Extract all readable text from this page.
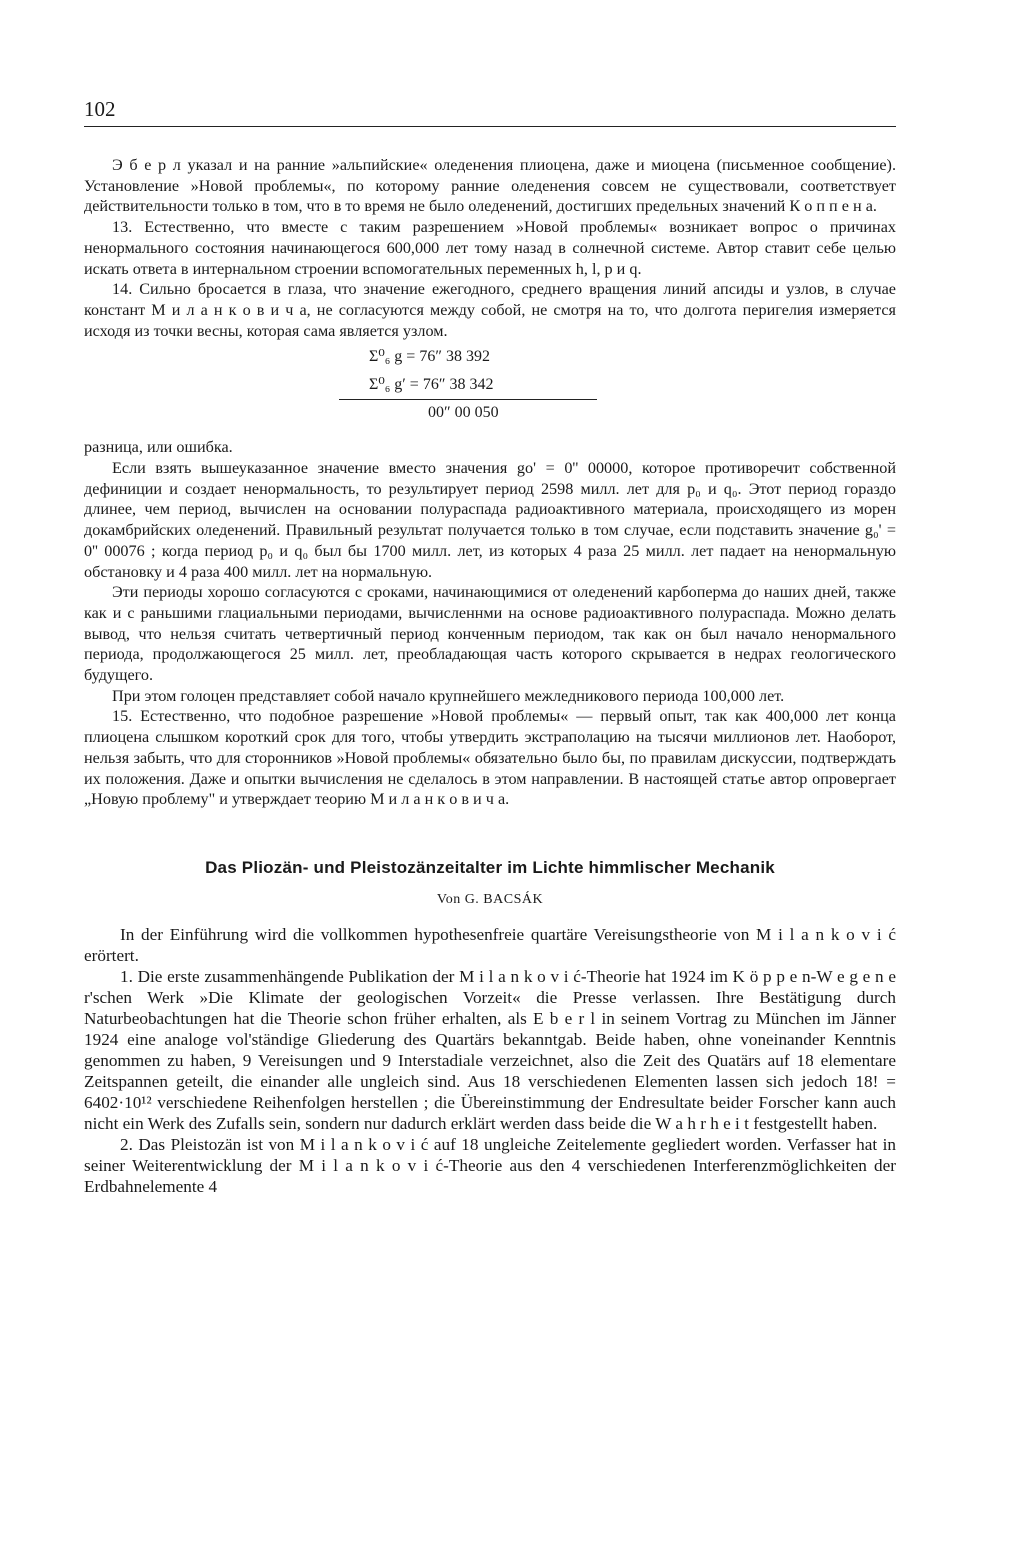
102

Э б е р л указал и на ранние »альпийские« оледенения плиоцена, даже и миоцена (письменное сообщение). Установление »Новой проблемы«, по которому ранние оледенения совсем не существовали, соответствует действительности только в том, что в то время не было оледенений, достигших предельных значений К о п п е н а.

13. Естественно, что вместе с таким разрешением »Новой проблемы« возникает вопрос о причинах ненормального состояния начинающегося 600,000 лет тому назад в солнечной системе. Автор ставит себе целью искать ответа в интернальном строении вспомогательных переменных h, l, p и q.

14. Сильно бросается в глаза, что значение ежегодного, среднего вращения линий апсиды и узлов, в случае констант М и л а н к о в и ч а, не согласуются между собой, не смотря на то, что долгота перигелия измеряется исходя из точки весны, которая сама является узлом.

Σ⁰₆ g = 76″ 38 392
Σ⁰₆ g′ = 76″ 38 342
00″ 00 050

разница, или ошибка.

Если взять вышеуказанное значение вместо значения go' = 0'' 00000, которое противоречит собственной дефиниции и создает ненормальность, то результирует период 2598 милл. лет для p₀ и q₀. Этот период гораздо длинее, чем период, вычислен на основании полураспада радиоактивного материала, происходящего из морен докамбрийских оледенений. Правильный результат получается только в том случае, если подставить значение g₀' = 0'' 00076 ; когда период p₀ и q₀ был бы 1700 милл. лет, из которых 4 раза 25 милл. лет падает на ненормальную обстановку и 4 раза 400 милл. лет на нормальную.

Эти периоды хорошо согласуются с сроками, начинающимися от оледенений карбоперма до наших дней, также как и с раньшими глациальными периодами, вычисленнми на основе радиоактивного полураспада. Можно делать вывод, что нельзя считать четвертичный период конченным периодом, так как он был начало ненормального периода, продолжающегося 25 милл. лет, преобладающая часть которого скрывается в недрах геологического будущего.

При этом голоцен представляет собой начало крупнейшего межледникового периода 100,000 лет.

15. Естественно, что подобное разрешение »Новой проблемы« — первый опыт, так как 400,000 лет конца плиоцена слышком короткий срок для того, чтобы утвердить экстраполацию на тысячи миллионов лет. Наоборот, нельзя забыть, что для сторонников »Новой проблемы« обязательно было бы, по правилам дискуссии, подтверждать их положения. Даже и опытки вычисления не сделалось в этом направлении. В настоящей статье автор опровергает „Новую проблему" и утверждает теорию М и л а н к о в и ч а.

Das Pliozän- und Pleistozänzeitalter im Lichte himmlischer Mechanik
Von G. BACSÁK

In der Einführung wird die vollkommen hypothesenfreie quartäre Vereisungstheorie von M i l a n k o v i ć erörtert.

1. Die erste zusammenhängende Publikation der M i l a n k o v i ć-Theorie hat 1924 im K ö p p e n-W e g e n e r'schen Werk »Die Klimate der geologischen Vorzeit« die Presse verlassen. Ihre Bestätigung durch Naturbeobachtungen hat die Theorie schon früher erhalten, als E b e r l in seinem Vortrag zu München im Jänner 1924 eine analoge vol'ständige Gliederung des Quartärs bekanntgab. Beide haben, ohne voneinander Kenntnis genommen zu haben, 9 Vereisungen und 9 Interstadiale verzeichnet, also die Zeit des Quatärs auf 18 elementare Zeitspannen geteilt, die einander alle ungleich sind. Aus 18 verschiedenen Elementen lassen sich jedoch 18! = 6402·10¹² verschiedene Reihenfolgen herstellen ; die Übereinstimmung der Endresultate beider Forscher kann auch nicht ein Werk des Zufalls sein, sondern nur dadurch erklärt werden dass beide die W a h r h e i t festgestellt haben.

2. Das Pleistozän ist von M i l a n k o v i ć auf 18 ungleiche Zeitelemente gegliedert worden. Verfasser hat in seiner Weiterentwicklung der M i l a n k o v i ć-Theorie aus den 4 verschiedenen Interferenzmöglichkeiten der Erdbahnelemente 4
